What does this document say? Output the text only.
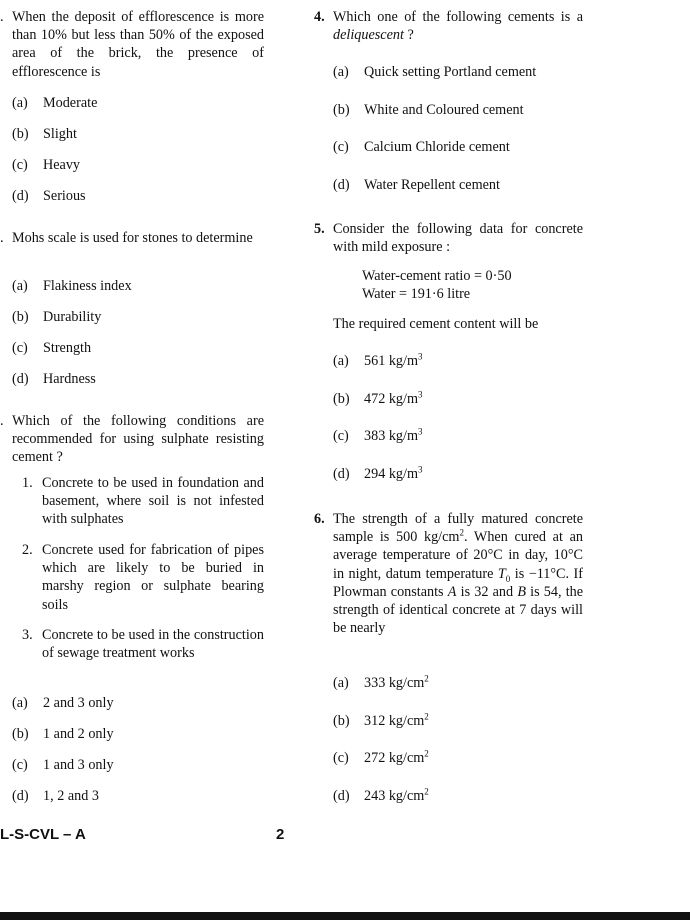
. When the deposit of efflorescence is more than 10% but less than 50% of the exposed area of the brick, the presence of efflorescence is
(a) Moderate
(b) Slight
(c) Heavy
(d) Serious
. Mohs scale is used for stones to determine
(a) Flakiness index
(b) Durability
(c) Strength
(d) Hardness
. Which of the following conditions are recommended for using sulphate resisting cement ?
1. Concrete to be used in foundation and basement, where soil is not infested with sulphates
2. Concrete used for fabrication of pipes which are likely to be buried in marshy region or sulphate bearing soils
3. Concrete to be used in the construction of sewage treatment works
(a) 2 and 3 only
(b) 1 and 2 only
(c) 1 and 3 only
(d) 1, 2 and 3
4. Which one of the following cements is a deliquescent ?
(a) Quick setting Portland cement
(b) White and Coloured cement
(c) Calcium Chloride cement
(d) Water Repellent cement
5. Consider the following data for concrete with mild exposure :
Water-cement ratio = 0·50
Water = 191·6 litre
The required cement content will be
(a) 561 $kg/m^3$
(b) 472 $kg/m^3$
(c) 383 $kg/m^3$
(d) 294 $kg/m^3$
6. The strength of a fully matured concrete sample is 500 $kg/cm^2$. When cured at an average temperature of 20°C in day, 10°C in night, datum temperature $T_0$ is −11°C. If Plowman constants A is 32 and B is 54, the strength of identical concrete at 7 days will be nearly
(a) 333 $kg/cm^2$
(b) 312 $kg/cm^2$
(c) 272 $kg/cm^2$
(d) 243 $kg/cm^2$
L-S-CVL – A	2
